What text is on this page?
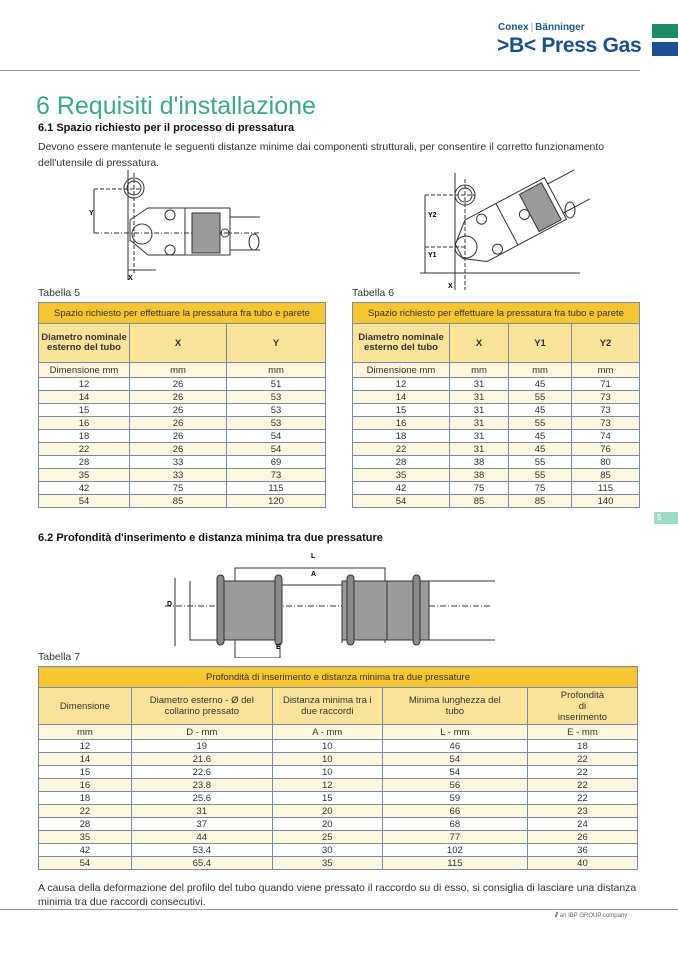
Conex | Bänninger
>B< Press Gas
6 Requisiti d'installazione
6.1 Spazio richiesto per il processo di pressatura
Devono essere mantenute le seguenti distanze minime dai componenti strutturali, per consentire il corretto funzionamento dell'utensile di pressatura.
Y
X
Y2
Y1
X
Tabella 5
Spazio richiesto per effettuare la pressatura fra tubo e parete		
Diametro nominale esterno del tubo	X	Y
Dimensione mm	mm	mm
12	26	51
14	26	53
15	26	53
16	26	53
18	26	54
22	26	54
28	33	69
35	33	73
42	75	115
54	85	120
Tabella 6
Spazio richiesto per effettuare la pressatura fra tubo e parete			
Diametro nominale esterno del tubo	X	Y1	Y2
Dimensione mm	mm	mm	mm
12	31	45	71
14	31	55	73
15	31	45	73
16	31	55	73
18	31	45	74
22	31	45	76
28	38	55	80
35	38	55	85
42	75	75	115
54	85	85	140
5
6.2 Profondità d'inserimento e distanza minima tra due pressature
L
A
D
E
Tabella 7
Profondità di inserimento e distanza minima tra due pressature				
Dimensione	Diametro esterno - Ø del collarino pressato	Distanza minima tra i due raccordi	Minima lunghezza del tubo	Profondità di inserimento
mm	D - mm	A - mm	L - mm	E - mm
12	19	10	46	18
14	21.6	10	54	22
15	22.6	10	54	22
16	23.8	12	56	22
18	25.6	15	59	22
22	31	20	66	23
28	37	20	68	24
35	44	25	77	26
42	53.4	30	102	36
54	65.4	35	115	40
A causa della deformazione del profilo del tubo quando viene pressato il raccordo su di esso, si consiglia di lasciare una distanza minima tra due raccordi consecutivi.
⫽ an IBP GROUP company
